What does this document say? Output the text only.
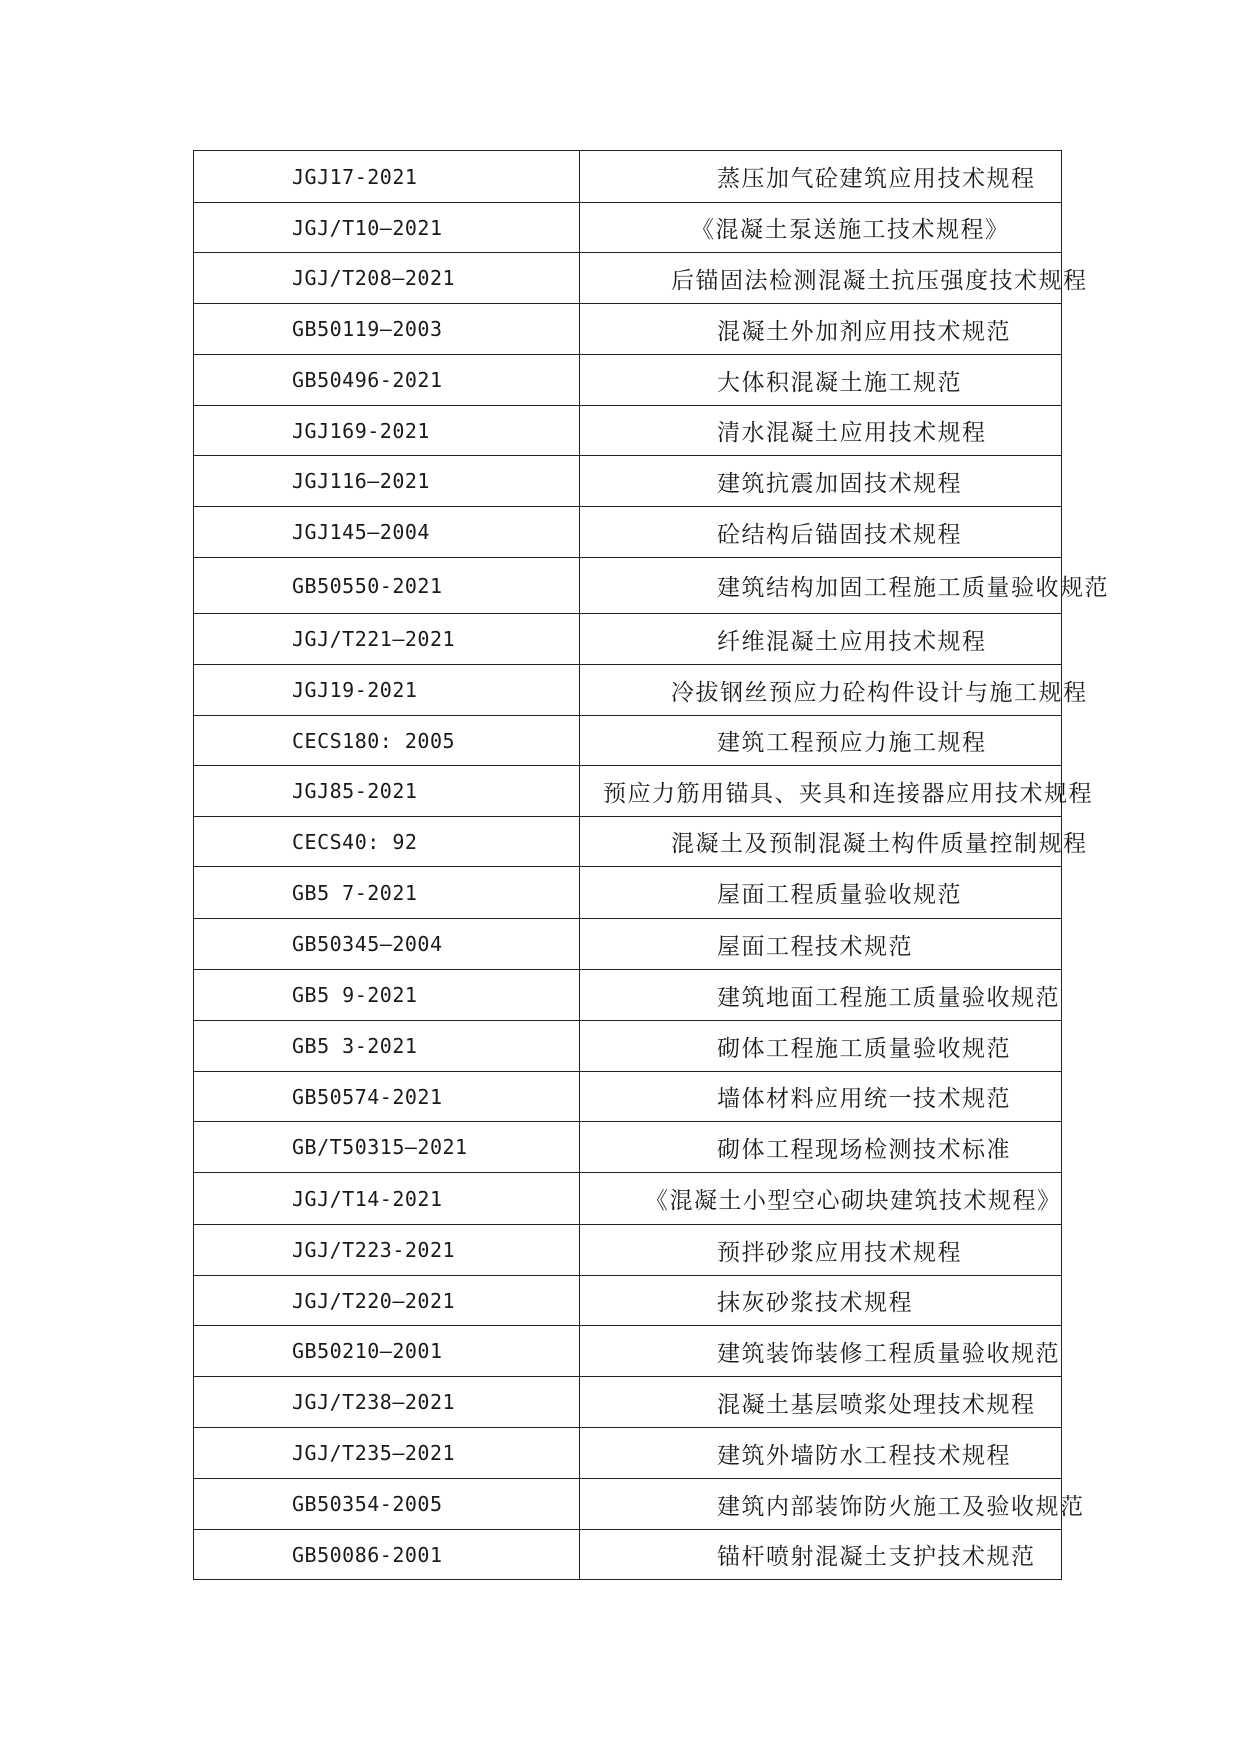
JGJ17-2021	蒸压加气砼建筑应用技术规程
JGJ/T10—2021	《混凝土泵送施工技术规程》
JGJ/T208—2021	后锚固法检测混凝土抗压强度技术规程
GB50119—2003	混凝土外加剂应用技术规范
GB50496-2021	大体积混凝土施工规范
JGJ169-2021	清水混凝土应用技术规程
JGJ116—2021	建筑抗震加固技术规程
JGJ145—2004	砼结构后锚固技术规程
GB50550-2021	建筑结构加固工程施工质量验收规范
JGJ/T221—2021	纤维混凝土应用技术规程
JGJ19-2021	冷拔钢丝预应力砼构件设计与施工规程
CECS180: 2005	建筑工程预应力施工规程
JGJ85-2021	预应力筋用锚具、夹具和连接器应用技术规程
CECS40: 92	混凝土及预制混凝土构件质量控制规程
GB5 7-2021	屋面工程质量验收规范
GB50345—2004	屋面工程技术规范
GB5 9-2021	建筑地面工程施工质量验收规范
GB5 3-2021	砌体工程施工质量验收规范
GB50574-2021	墙体材料应用统一技术规范
GB/T50315—2021	砌体工程现场检测技术标准
JGJ/T14-2021	《混凝土小型空心砌块建筑技术规程》
JGJ/T223-2021	预拌砂浆应用技术规程
JGJ/T220—2021	抹灰砂浆技术规程
GB50210—2001	建筑装饰装修工程质量验收规范
JGJ/T238—2021	混凝土基层喷浆处理技术规程
JGJ/T235—2021	建筑外墙防水工程技术规程
GB50354-2005	建筑内部装饰防火施工及验收规范
GB50086-2001	锚杆喷射混凝土支护技术规范
